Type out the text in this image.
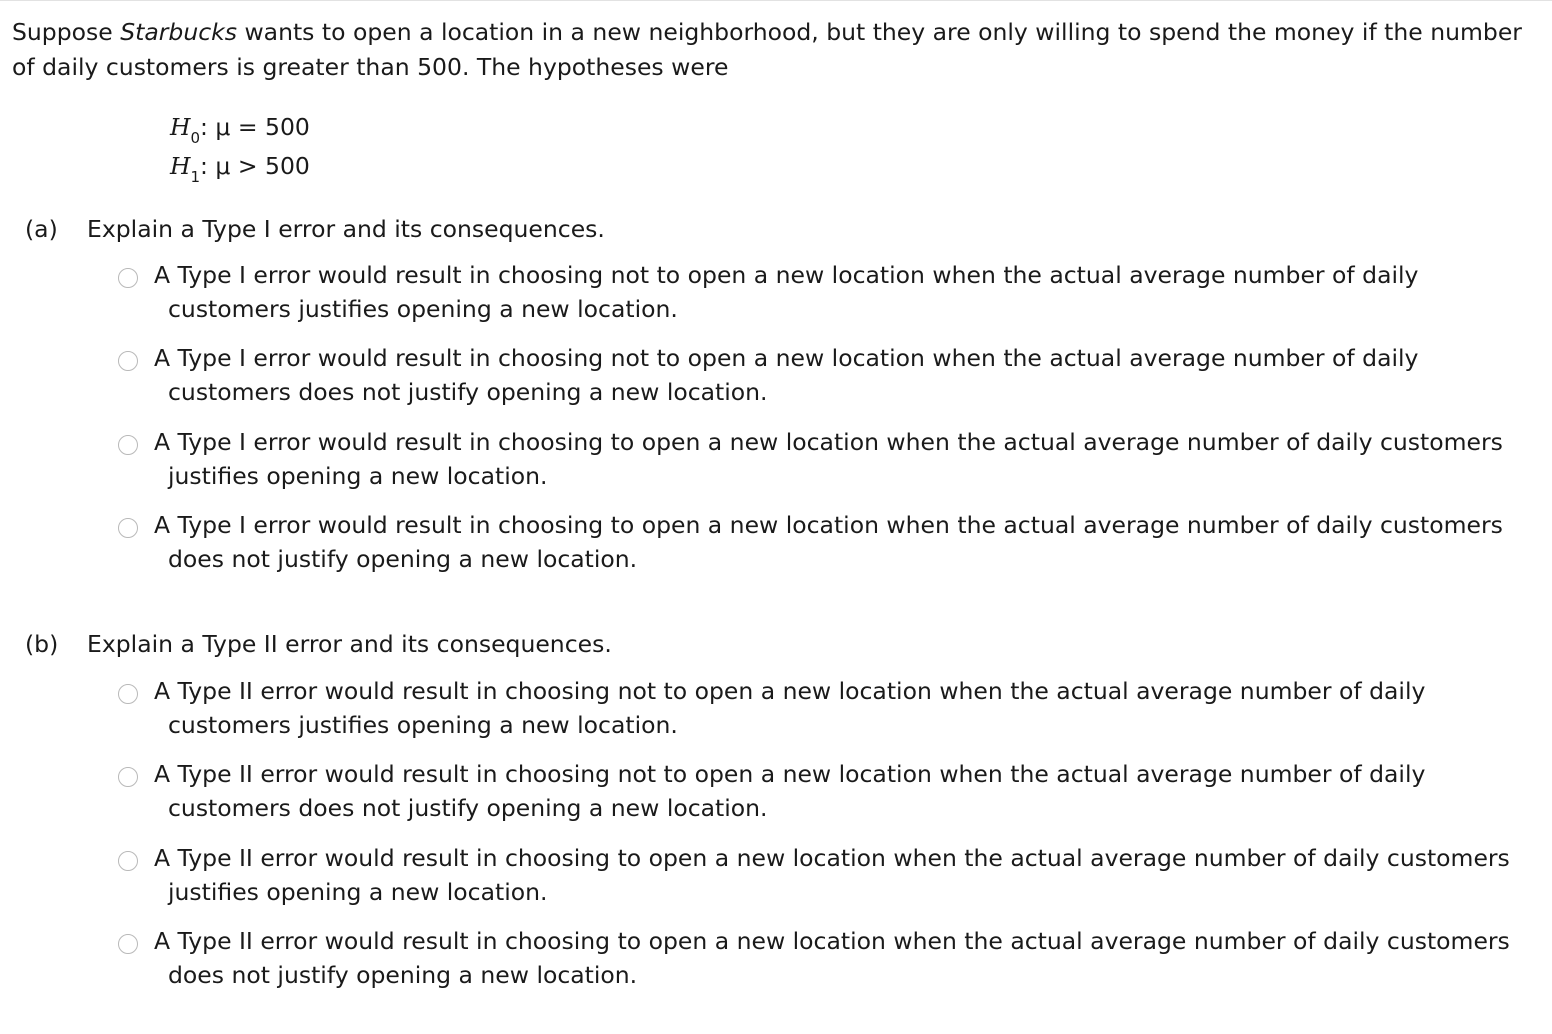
Suppose Starbucks wants to open a location in a new neighborhood, but they are only willing to spend the money if the number of daily customers is greater than 500. The hypotheses were
$H_0$: μ = 500
$H_1$: μ > 500
(a) Explain a Type I error and its consequences.
A Type I error would result in choosing not to open a new location when the actual average number of daily customers justifies opening a new location.
A Type I error would result in choosing not to open a new location when the actual average number of daily customers does not justify opening a new location.
A Type I error would result in choosing to open a new location when the actual average number of daily customers justifies opening a new location.
A Type I error would result in choosing to open a new location when the actual average number of daily customers does not justify opening a new location.
(b) Explain a Type II error and its consequences.
A Type II error would result in choosing not to open a new location when the actual average number of daily customers justifies opening a new location.
A Type II error would result in choosing not to open a new location when the actual average number of daily customers does not justify opening a new location.
A Type II error would result in choosing to open a new location when the actual average number of daily customers justifies opening a new location.
A Type II error would result in choosing to open a new location when the actual average number of daily customers does not justify opening a new location.
